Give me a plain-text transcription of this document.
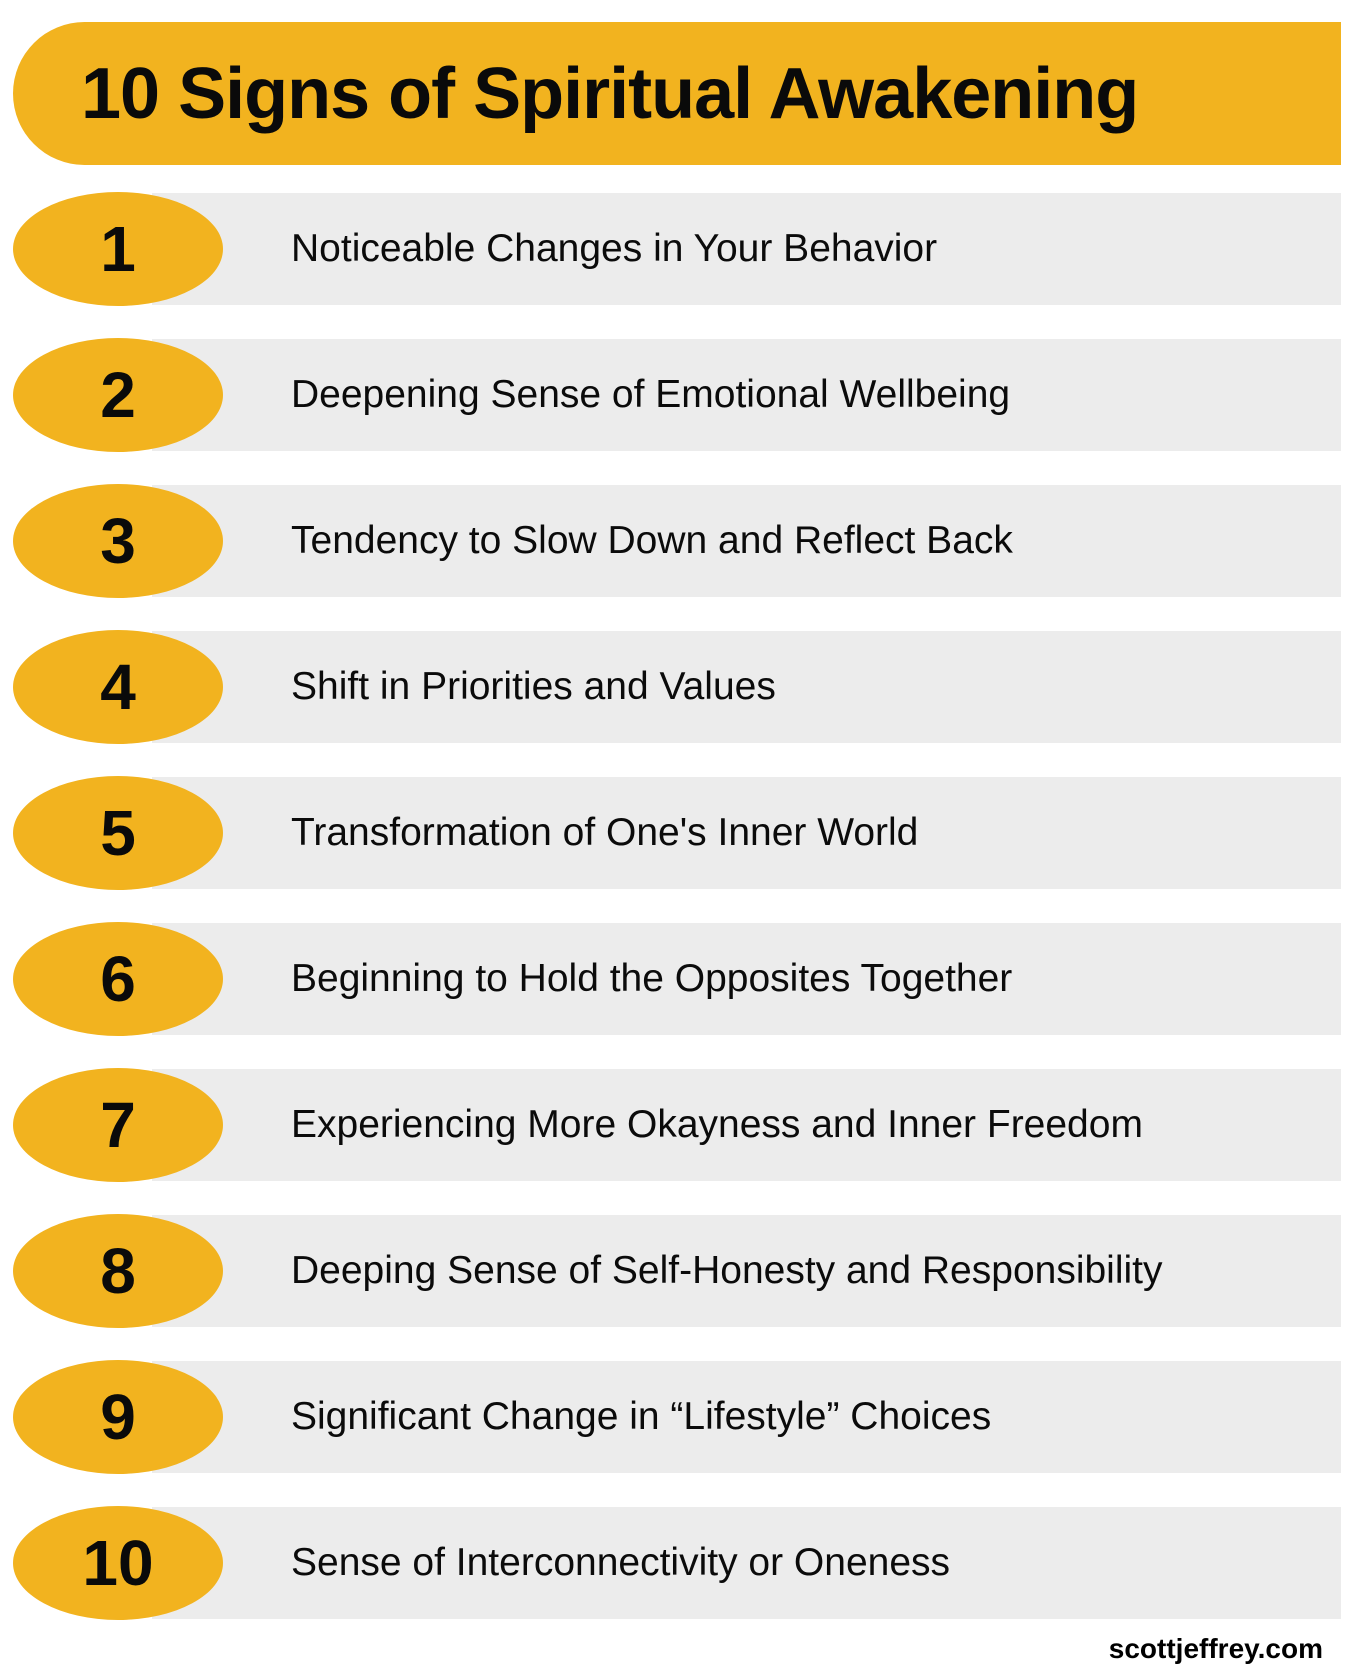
10 Signs of Spiritual Awakening
1	Noticeable Changes in Your Behavior
2	Deepening Sense of Emotional Wellbeing
3	Tendency to Slow Down and Reflect Back
4	Shift in Priorities and Values
5	Transformation of One's Inner World
6	Beginning to Hold the Opposites Together
7	Experiencing More Okayness and Inner Freedom
8	Deeping Sense of Self-Honesty and Responsibility
9	Significant Change in “Lifestyle” Choices
10	Sense of Interconnectivity or Oneness
scottjeffrey.com
